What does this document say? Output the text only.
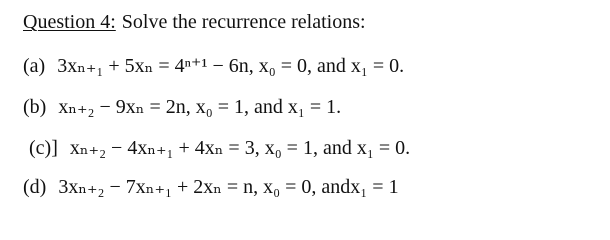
Question 4: Solve the recurrence relations:
(a) 3xₙ₊₁ + 5xₙ = 4ⁿ⁺¹ − 6n, x₀ = 0, and x₁ = 0.
(b) xₙ₊₂ − 9xₙ = 2n, x₀ = 1, and x₁ = 1.
(c)] xₙ₊₂ − 4xₙ₊₁ + 4xₙ = 3, x₀ = 1, and x₁ = 0.
(d) 3xₙ₊₂ − 7xₙ₊₁ + 2xₙ = n, x₀ = 0, andx₁ = 1
